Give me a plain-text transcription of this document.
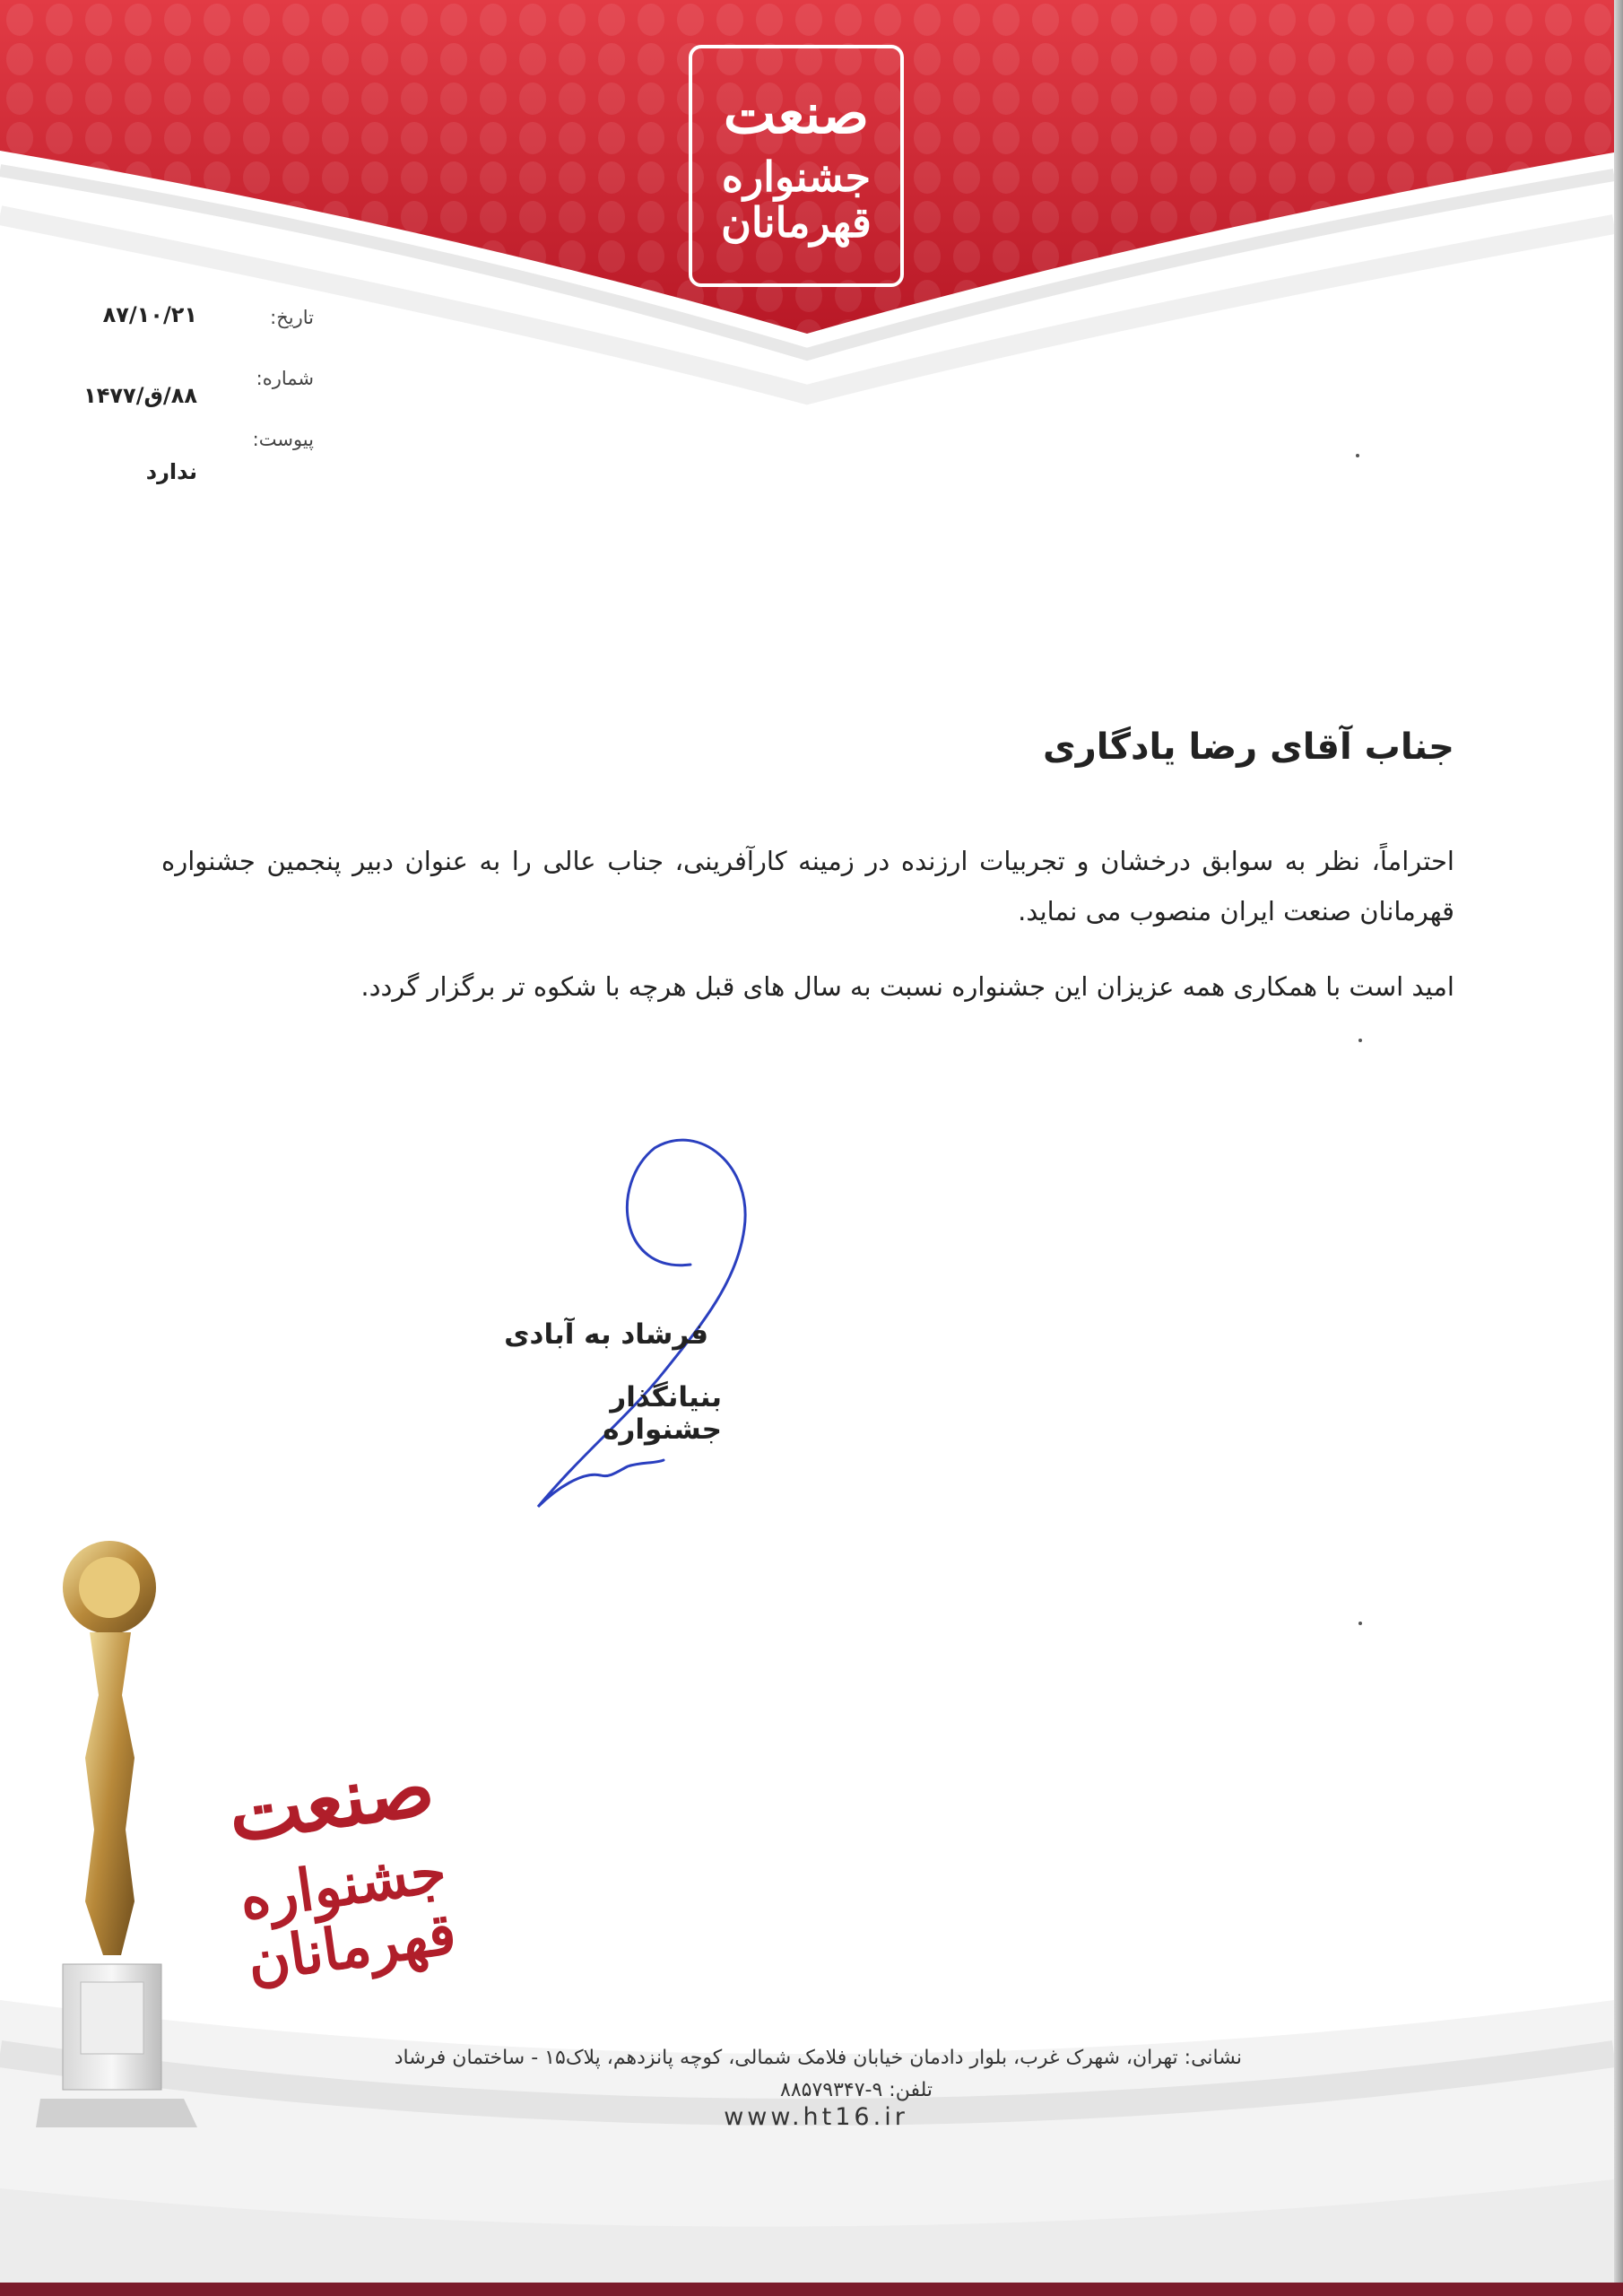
صنعت
جشنواره قهرمانان
تاریخ:
۸۷/۱۰/۲۱
شماره:
۸۸/ق/۱۴۷۷
پیوست:
ندارد
جناب آقای رضا یادگاری

احتراماً، نظر به سوابق درخشان و تجربیات ارزنده در زمینه کارآفرینی، جناب عالی را به عنوان دبیر پنجمین جشنواره قهرمانان صنعت ایران منصوب می نماید.

امید است با همکاری همه عزیزان این جشنواره نسبت به سال های قبل هرچه با شکوه تر برگزار گردد.

فرشاد به آبادی
بنیانگذار جشنواره
صنعت
جشنواره قهرمانان
نشانی: تهران، شهرک غرب، بلوار دادمان خیابان فلامک شمالی، کوچه پانزدهم، پلاک۱۵ - ساختمان فرشاد
تلفن: ۹-۸۸۵۷۹۳۴۷
www.ht16.ir
